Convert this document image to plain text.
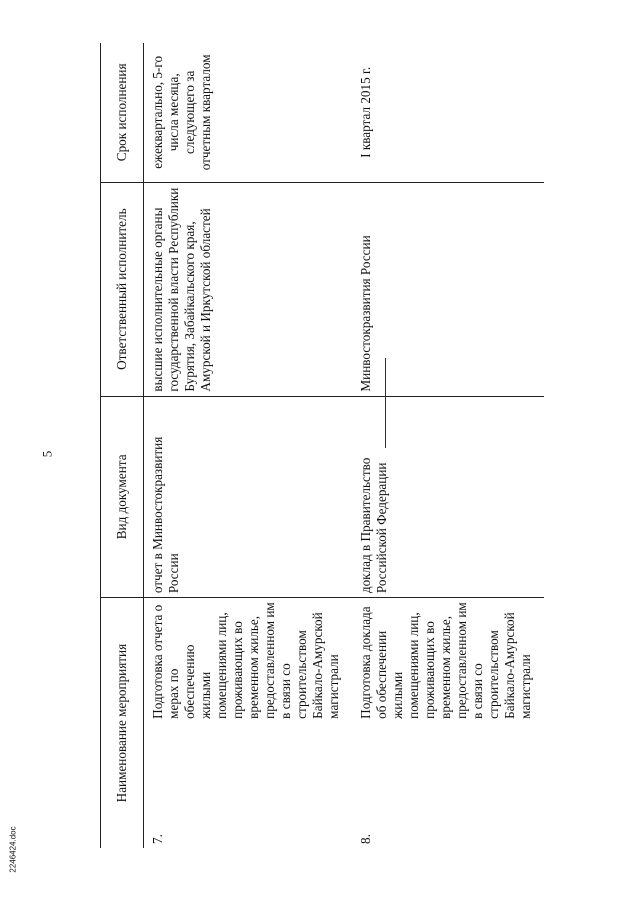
5
Наименование мероприятия		Вид документа	Ответственный исполнитель	Срок исполнения
7.	Подготовка отчета о мерах по обеспечению жилыми помещениями лиц, проживающих во временном жилье, предоставленном им в связи со строительством Байкало-Амурской магистрали	отчет в Минвостокразвития России	высшие исполнительные органы государственной власти Республики Бурятия, Забайкальского края, Амурской и Иркутской областей	ежеквартально, 5-го числа месяца, следующего за отчетным кварталом
8.	Подготовка доклада об обеспечении жилыми помещениями лиц, проживающих во временном жилье, предоставленном им в связи со строительством Байкало-Амурской магистрали	доклад в Правительство Российской Федерации	Минвостокразвития России	I квартал 2015 г.
2246424.doc
